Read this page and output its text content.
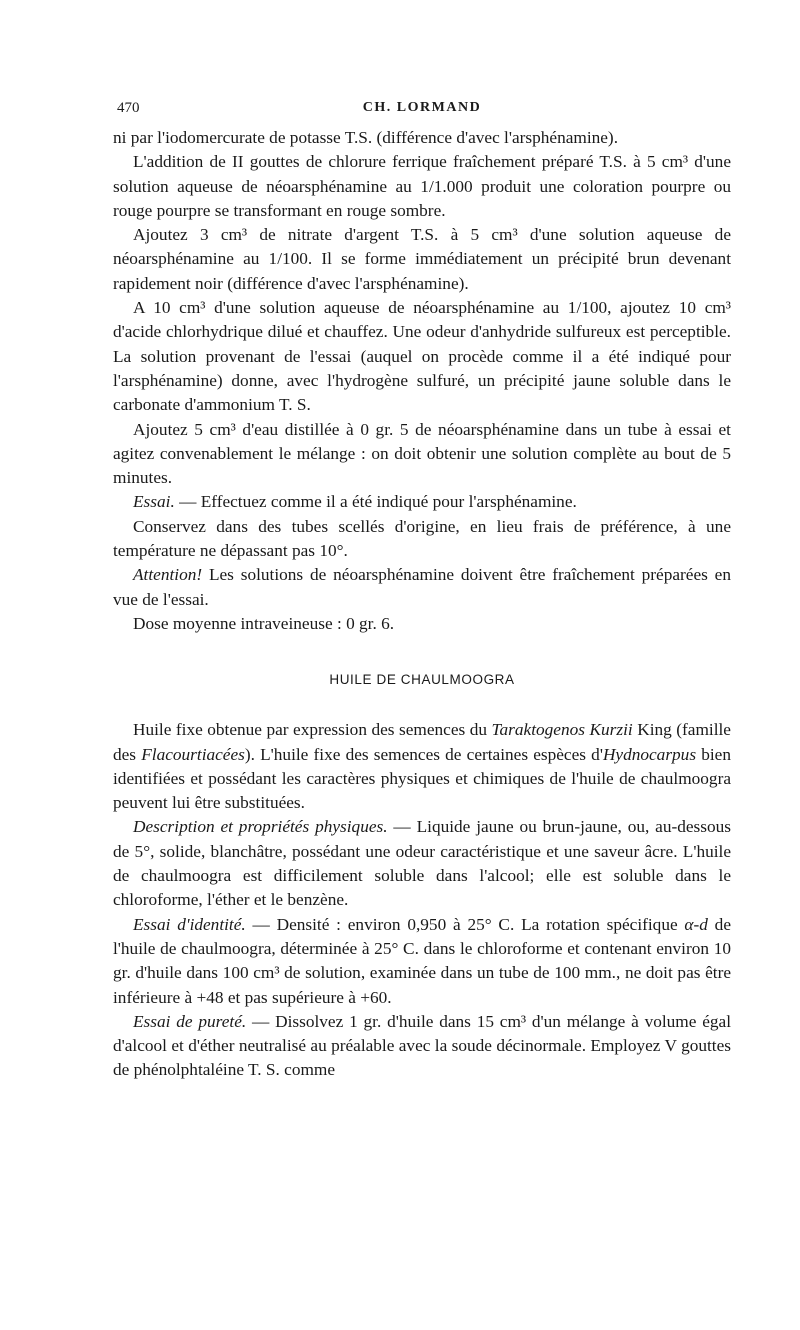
470	CH. LORMAND

ni par l'iodomercurate de potasse T.S. (différence d'avec l'arsphénamine).

L'addition de II gouttes de chlorure ferrique fraîchement préparé T.S. à 5 cm³ d'une solution aqueuse de néoarsphénamine au 1/1.000 produit une coloration pourpre ou rouge pourpre se transformant en rouge sombre.

Ajoutez 3 cm³ de nitrate d'argent T.S. à 5 cm³ d'une solution aqueuse de néoarsphénamine au 1/100. Il se forme immédiatement un précipité brun devenant rapidement noir (différence d'avec l'arsphénamine).

A 10 cm³ d'une solution aqueuse de néoarsphénamine au 1/100, ajoutez 10 cm³ d'acide chlorhydrique dilué et chauffez. Une odeur d'anhydride sulfureux est perceptible. La solution provenant de l'essai (auquel on procède comme il a été indiqué pour l'arsphénamine) donne, avec l'hydrogène sulfuré, un précipité jaune soluble dans le carbonate d'ammonium T. S.

Ajoutez 5 cm³ d'eau distillée à 0 gr. 5 de néoarsphénamine dans un tube à essai et agitez convenablement le mélange : on doit obtenir une solution complète au bout de 5 minutes.

Essai. — Effectuez comme il a été indiqué pour l'arsphénamine.

Conservez dans des tubes scellés d'origine, en lieu frais de préférence, à une température ne dépassant pas 10°.

Attention! Les solutions de néoarsphénamine doivent être fraîchement préparées en vue de l'essai.

Dose moyenne intraveineuse : 0 gr. 6.

HUILE DE CHAULMOOGRA

Huile fixe obtenue par expression des semences du Taraktogenos Kurzii King (famille des Flacourtiacées). L'huile fixe des semences de certaines espèces d'Hydnocarpus bien identifiées et possédant les caractères physiques et chimiques de l'huile de chaulmoogra peuvent lui être substituées.

Description et propriétés physiques. — Liquide jaune ou brun-jaune, ou, au-dessous de 5°, solide, blanchâtre, possédant une odeur caractéristique et une saveur âcre. L'huile de chaulmoogra est difficilement soluble dans l'alcool; elle est soluble dans le chloroforme, l'éther et le benzène.

Essai d'identité. — Densité : environ 0,950 à 25° C. La rotation spécifique α-d de l'huile de chaulmoogra, déterminée à 25° C. dans le chloroforme et contenant environ 10 gr. d'huile dans 100 cm³ de solution, examinée dans un tube de 100 mm., ne doit pas être inférieure à +48 et pas supérieure à +60.

Essai de pureté. — Dissolvez 1 gr. d'huile dans 15 cm³ d'un mélange à volume égal d'alcool et d'éther neutralisé au préalable avec la soude décinormale. Employez V gouttes de phénolphtaléine T. S. comme
